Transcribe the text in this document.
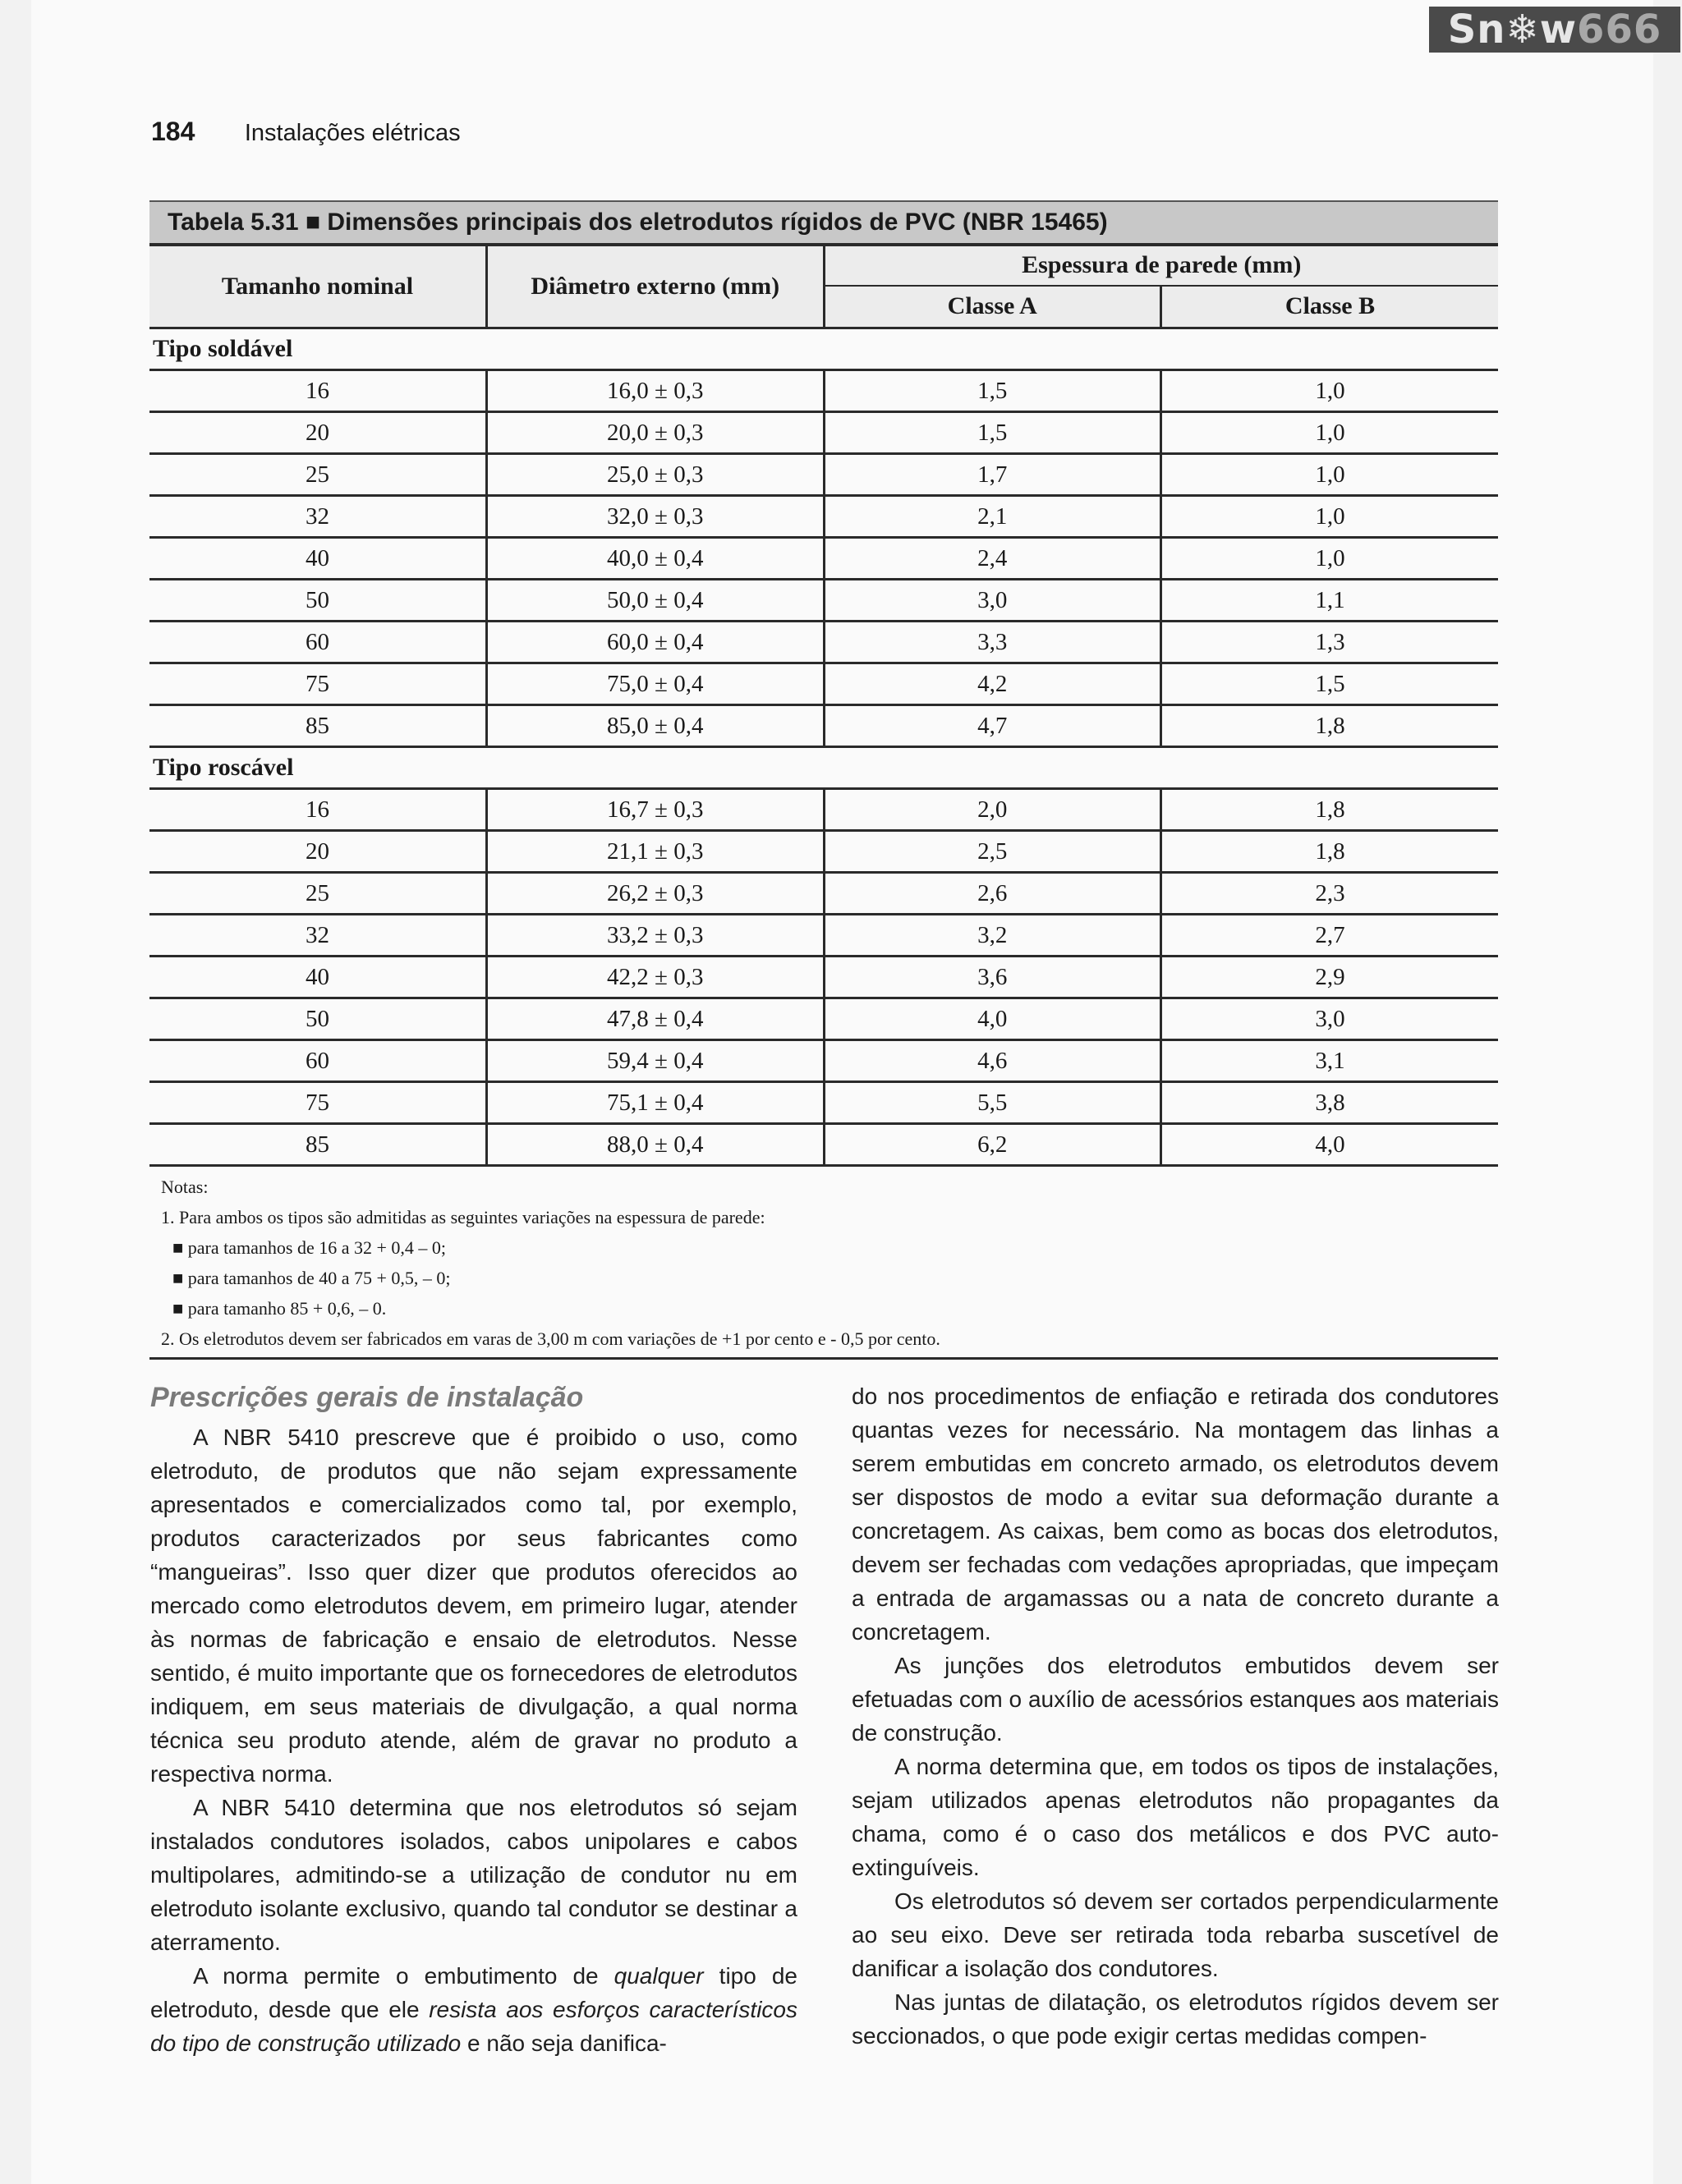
Sn❄w666
184 Instalações elétricas
Tabela 5.31 ■ Dimensões principais dos eletrodutos rígidos de PVC (NBR 15465)
Tamanho nominal	Diâmetro externo (mm)	Espessura de parede (mm)	
		Classe A	Classe B
Tipo soldável			
16	16,0 ± 0,3	1,5	1,0
20	20,0 ± 0,3	1,5	1,0
25	25,0 ± 0,3	1,7	1,0
32	32,0 ± 0,3	2,1	1,0
40	40,0 ± 0,4	2,4	1,0
50	50,0 ± 0,4	3,0	1,1
60	60,0 ± 0,4	3,3	1,3
75	75,0 ± 0,4	4,2	1,5
85	85,0 ± 0,4	4,7	1,8
Tipo roscável			
16	16,7 ± 0,3	2,0	1,8
20	21,1 ± 0,3	2,5	1,8
25	26,2 ± 0,3	2,6	2,3
32	33,2 ± 0,3	3,2	2,7
40	42,2 ± 0,3	3,6	2,9
50	47,8 ± 0,4	4,0	3,0
60	59,4 ± 0,4	4,6	3,1
75	75,1 ± 0,4	5,5	3,8
85	88,0 ± 0,4	6,2	4,0
Notas:
1. Para ambos os tipos são admitidas as seguintes variações na espessura de parede:
■ para tamanhos de 16 a 32 + 0,4 – 0;
■ para tamanhos de 40 a 75 + 0,5, – 0;
■ para tamanho 85 + 0,6, – 0.
2. Os eletrodutos devem ser fabricados em varas de 3,00 m com variações de +1 por cento e - 0,5 por cento.
Prescrições gerais de instalação

A NBR 5410 prescreve que é proibido o uso, como eletroduto, de produtos que não sejam expressamente apresentados e comercializados como tal, por exemplo, produtos caracterizados por seus fabricantes como “mangueiras”. Isso quer dizer que produtos oferecidos ao mercado como eletrodutos devem, em primeiro lugar, atender às normas de fabricação e ensaio de eletrodutos. Nesse sentido, é muito importante que os fornecedores de eletrodutos indiquem, em seus materiais de divulgação, a qual norma técnica seu produto atende, além de gravar no produto a respectiva norma.

A NBR 5410 determina que nos eletrodutos só sejam instalados condutores isolados, cabos unipolares e cabos multipolares, admitindo-se a utilização de condutor nu em eletroduto isolante exclusivo, quando tal condutor se destinar a aterramento.

A norma permite o embutimento de qualquer tipo de eletroduto, desde que ele resista aos esforços característicos do tipo de construção utilizado e não seja danifica-

do nos procedimentos de enfiação e retirada dos condutores quantas vezes for necessário. Na montagem das linhas a serem embutidas em concreto armado, os eletrodutos devem ser dispostos de modo a evitar sua deformação durante a concretagem. As caixas, bem como as bocas dos eletrodutos, devem ser fechadas com vedações apropriadas, que impeçam a entrada de argamassas ou a nata de concreto durante a concretagem.

As junções dos eletrodutos embutidos devem ser efetuadas com o auxílio de acessórios estanques aos materiais de construção.

A norma determina que, em todos os tipos de instalações, sejam utilizados apenas eletrodutos não propagantes da chama, como é o caso dos metálicos e dos PVC auto-extinguíveis.

Os eletrodutos só devem ser cortados perpendicularmente ao seu eixo. Deve ser retirada toda rebarba suscetível de danificar a isolação dos condutores.

Nas juntas de dilatação, os eletrodutos rígidos devem ser seccionados, o que pode exigir certas medidas compen-
